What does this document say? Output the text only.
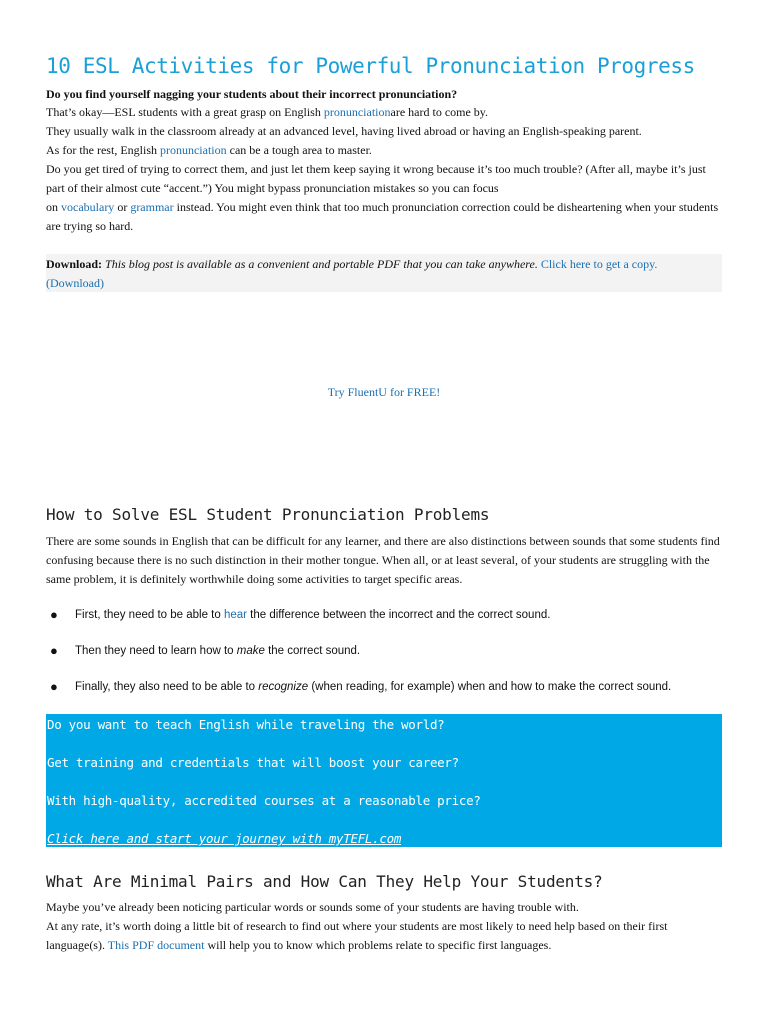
10 ESL Activities for Powerful Pronunciation Progress

Do you find yourself nagging your students about their incorrect pronunciation?

That’s okay—ESL students with a great grasp on English pronunciationare hard to come by.

They usually walk in the classroom already at an advanced level, having lived abroad or having an English-speaking parent.

As for the rest, English pronunciation can be a tough area to master.

Do you get tired of trying to correct them, and just let them keep saying it wrong because it’s too much trouble? (After all, maybe it’s just part of their almost cute “accent.”) You might bypass pronunciation mistakes so you can focus
on vocabulary or grammar instead. You might even think that too much pronunciation correction could be disheartening when your students are trying so hard.

Download: This blog post is available as a convenient and portable PDF that you can take anywhere. Click here to get a copy.
(Download)
Try FluentU for FREE!
How to Solve ESL Student Pronunciation Problems

There are some sounds in English that can be difficult for any learner, and there are also distinctions between sounds that some students find confusing because there is no such distinction in their mother tongue. When all, or at least several, of your students are struggling with the same problem, it is definitely worthwhile doing some activities to target specific areas.

● First, they need to be able to hear the difference between the incorrect and the correct sound.
● Then they need to learn how to make the correct sound.
● Finally, they also need to be able to recognize (when reading, for example) when and how to make the correct sound.
Do you want to teach English while traveling the world?
Get training and credentials that will boost your career?
With high-quality, accredited courses at a reasonable price?
Click here and start your journey with myTEFL.com
What Are Minimal Pairs and How Can They Help Your Students?

Maybe you’ve already been noticing particular words or sounds some of your students are having trouble with.

At any rate, it’s worth doing a little bit of research to find out where your students are most likely to need help based on their first language(s). This PDF document will help you to know which problems relate to specific first languages.
